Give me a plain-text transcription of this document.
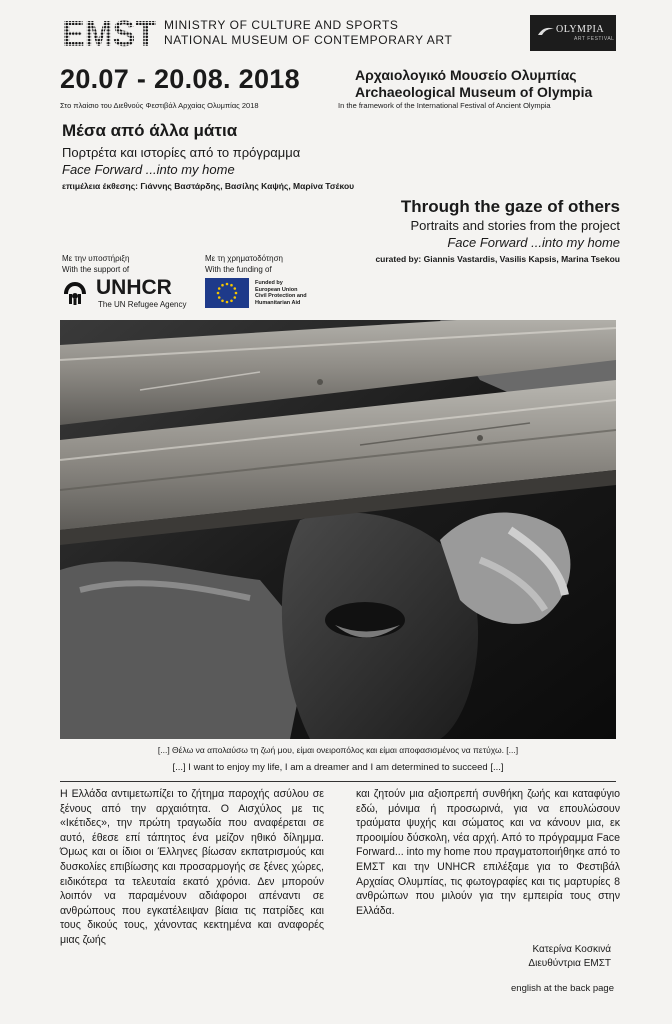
EMST MINISTRY OF CULTURE AND SPORTS
NATIONAL MUSEUM OF CONTEMPORARY ART
OLYMPIA
ART FESTIVAL
20.07 - 20.08. 2018	Αρχαιολογικό Μουσείο Ολυμπίας
Archaeological Museum of Olympia
Στο πλαίσιο του Διεθνούς Φεστιβάλ Αρχαίας Ολυμπίας 2018	In the framework of the International Festival of Ancient Olympia
Μέσα από άλλα μάτια
Πορτρέτα και ιστορίες από το πρόγραμμα
Face Forward ...into my home
επιμέλεια έκθεσης: Γιάννης Βαστάρδης, Βασίλης Καψής, Μαρίνα Τσέκου
Through the gaze of others
Portraits and stories from the project
Face Forward ...into my home
curated by: Giannis Vastardis, Vasilis Kapsis, Marina Tsekou
Με την υποστήριξη
With the support of
Με τη χρηματοδότηση
With the funding of
UNHCR
The UN Refugee Agency
Funded by
European Union
Civil Protection and
Humanitarian Aid
[...] Θέλω να απολαύσω τη ζωή μου, είμαι ονειροπόλος και είμαι αποφασισμένος να πετύχω. [...]
[...] I want to enjoy my life, I am a dreamer and I am determined to succeed [...]
Η Ελλάδα αντιμετωπίζει το ζήτημα παροχής ασύλου σε ξένους από την αρχαιότητα. Ο Αισχύλος με τις «Ικέτιδες», την πρώτη τραγωδία που αναφέρεται σε αυτό, έθεσε επί τάπητος ένα μείζον ηθικό δίλημμα. Όμως και οι ίδιοι οι Έλληνες βίωσαν εκπατρισμούς και δυσκολίες επιβίωσης και προσαρμογής σε ξένες χώρες, ειδικότερα τα τελευταία εκατό χρόνια. Δεν μπορούν λοιπόν να παραμένουν αδιάφοροι απέναντι σε ανθρώπους που εγκατέλειψαν βίαια τις πατρίδες και τους δικούς τους, χάνοντας κεκτημένα και αναφορές μιας ζωής
και ζητούν μια αξιοπρεπή συνθήκη ζωής και καταφύγιο εδώ, μόνιμα ή προσωρινά, για να επουλώσουν τραύματα ψυχής και σώματος και να κάνουν μια, εκ προοιμίου δύσκολη, νέα αρχή. Από το πρόγραμμα Face Forward... into my home που πραγματοποιήθηκε από το ΕΜΣΤ και την UNHCR επιλέξαμε για το Φεστιβάλ Αρχαίας Ολυμπίας, τις φωτογραφίες και τις μαρτυρίες 8 ανθρώπων που μιλούν για την εμπειρία τους στην Ελλάδα.
Κατερίνα Κοσκινά
Διευθύντρια ΕΜΣΤ
english at the back page
